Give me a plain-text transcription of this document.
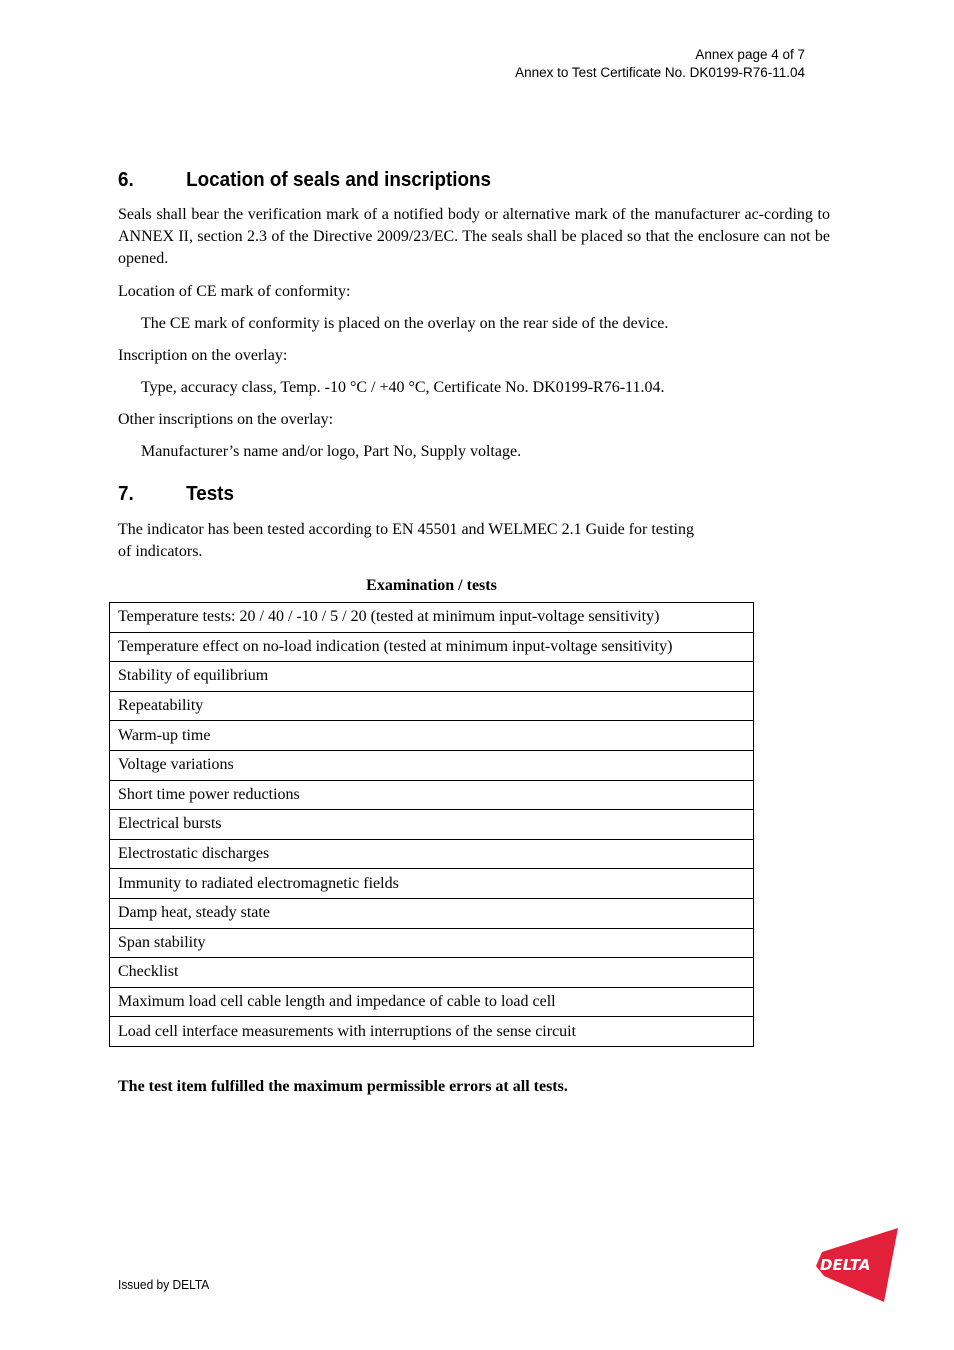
Annex page 4 of 7
Annex to Test Certificate No. DK0199-R76-11.04
6.	Location of seals and inscriptions
Seals shall bear the verification mark of a notified body or alternative mark of the manufacturer ac-cording to ANNEX II, section 2.3 of the Directive 2009/23/EC. The seals shall be placed so that the enclosure can not be opened.
Location of CE mark of conformity:
The CE mark of conformity is placed on the overlay on the rear side of the device.
Inscription on the overlay:
Type, accuracy class, Temp. -10 °C / +40 °C, Certificate No. DK0199-R76-11.04.
Other inscriptions on the overlay:
Manufacturer’s name and/or logo, Part No, Supply voltage.
7.	Tests
The indicator has been tested according to EN 45501 and WELMEC 2.1 Guide for testing
of indicators.
Examination / tests
Temperature tests: 20 / 40 / -10 / 5 / 20 (tested at minimum input-voltage sensitivity)
Temperature effect on no-load indication (tested at minimum input-voltage sensitivity)
Stability of equilibrium
Repeatability
Warm-up time
Voltage variations
Short time power reductions
Electrical bursts
Electrostatic discharges
Immunity to radiated electromagnetic fields
Damp heat, steady state
Span stability
Checklist
Maximum load cell cable length and impedance of cable to load cell
Load cell interface measurements with interruptions of the sense circuit
The test item fulfilled the maximum permissible errors at all tests.
Issued by DELTA
DELTA
